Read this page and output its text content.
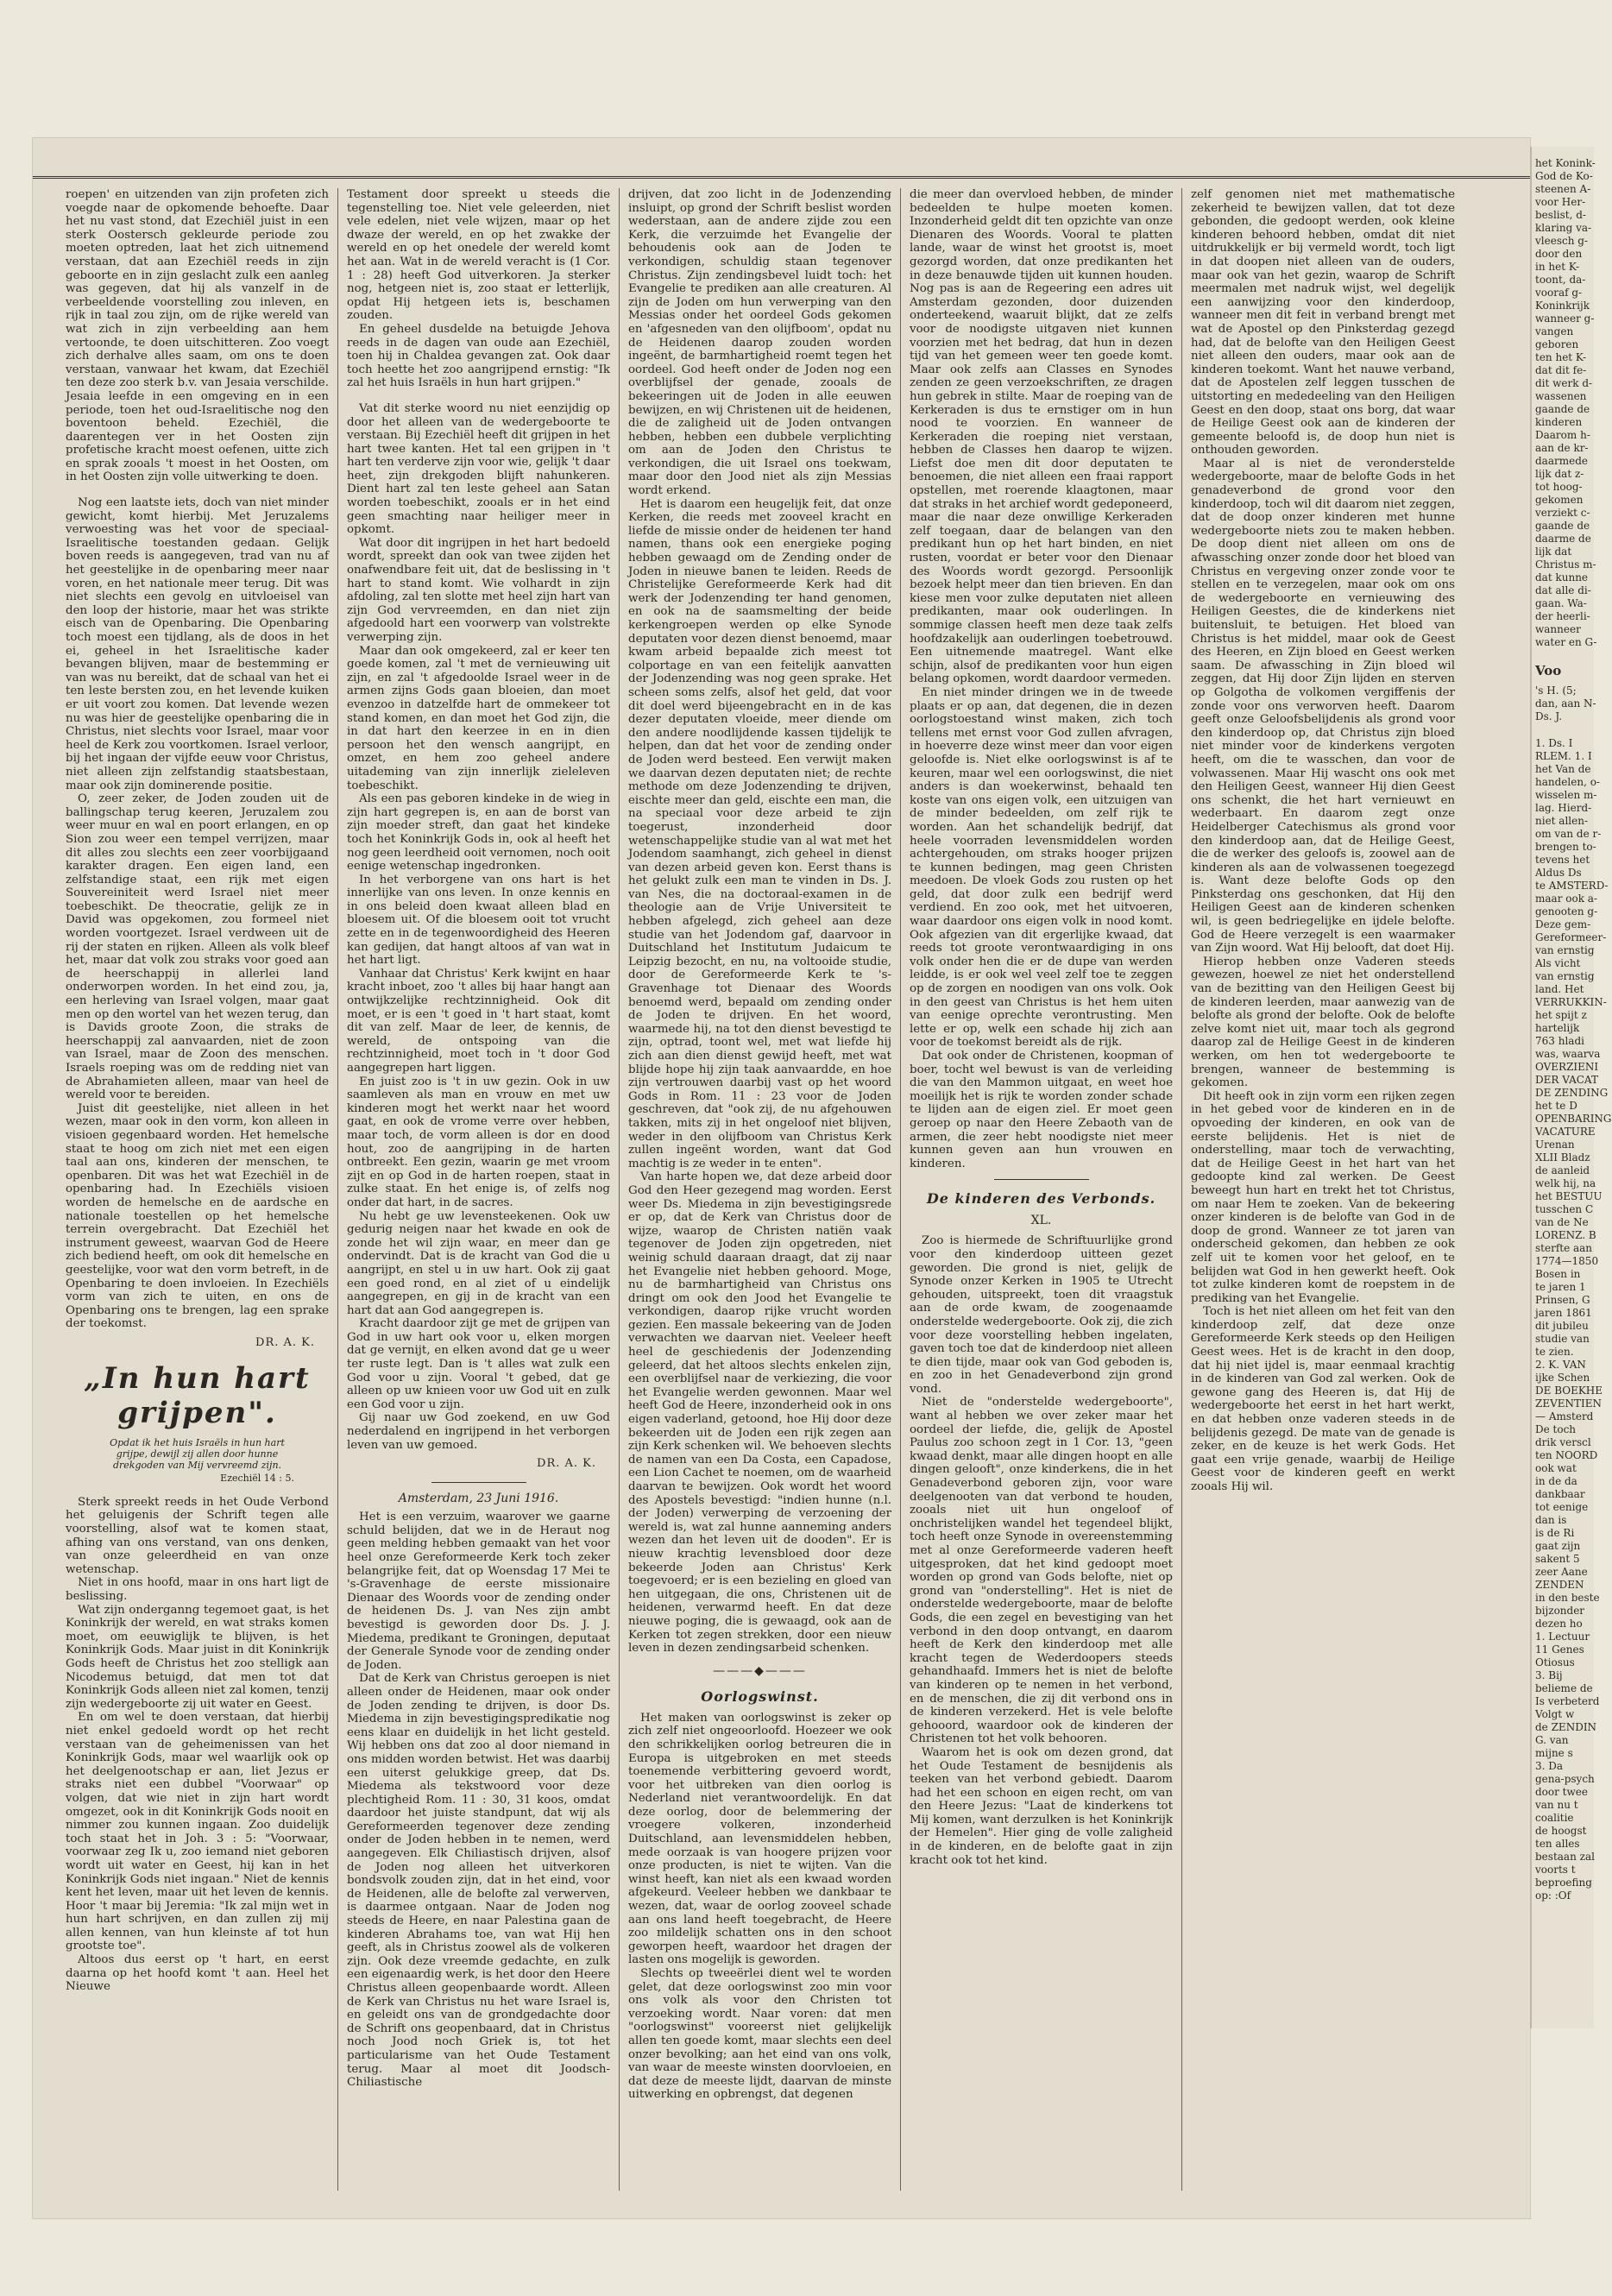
roepen' en uitzenden van zijn profeten zich voegde naar de opkomende behoefte. Daar het nu vast stond, dat Ezechiël juist in een sterk Oostersch gekleurde periode zou moeten optreden, laat het zich uitnemend verstaan, dat aan Ezechiël reeds in zijn geboorte en in zijn geslacht zulk een aanleg was gegeven, dat hij als vanzelf in de verbeeldende voorstelling zou inleven, en rijk in taal zou zijn, om de rijke wereld van wat zich in zijn verbeelding aan hem vertoonde, te doen uitschitteren. Zoo voegt zich derhalve alles saam, om ons te doen verstaan, vanwaar het kwam, dat Ezechiël ten deze zoo sterk b.v. van Jesaia verschilde. Jesaia leefde in een omgeving en in een periode, toen het oud-Israelitische nog den boventoon beheld. Ezechiël, die daarentegen ver in het Oosten zijn profetische kracht moest oefenen, uitte zich en sprak zooals 't moest in het Oosten, om in het Oosten zijn volle uitwerking te doen.

Nog een laatste iets, doch van niet minder gewicht, komt hierbij. Met Jeruzalems verwoesting was het voor de speciaal-Israelitische toestanden gedaan. Gelijk boven reeds is aangegeven, trad van nu af het geestelijke in de openbaring meer naar voren, en het nationale meer terug. Dit was niet slechts een gevolg en uitvloeisel van den loop der historie, maar het was strikte eisch van de Openbaring. Die Openbaring toch moest een tijdlang, als de doos in het ei, geheel in het Israelitische kader bevangen blijven, maar de bestemming er van was nu bereikt, dat de schaal van het ei ten leste bersten zou, en het levende kuiken er uit voort zou komen. Dat levende wezen nu was hier de geestelijke openbaring die in Christus, niet slechts voor Israel, maar voor heel de Kerk zou voortkomen. Israel verloor, bij het ingaan der vijfde eeuw voor Christus, niet alleen zijn zelfstandig staatsbestaan, maar ook zijn dominerende positie.

O, zeer zeker, de Joden zouden uit de ballingschap terug keeren, Jeruzalem zou weer muur en wal en poort erlangen, en op Sion zou weer een tempel verrijzen, maar dit alles zou slechts een zeer voorbijgaand karakter dragen. Een eigen land, een zelfstandige staat, een rijk met eigen Souvereiniteit werd Israel niet meer toebeschikt. De theocratie, gelijk ze in David was opgekomen, zou formeel niet worden voortgezet. Israel verdween uit de rij der staten en rijken. Alleen als volk bleef het, maar dat volk zou straks voor goed aan de heerschappij in allerlei land onderworpen worden. In het eind zou, ja, een herleving van Israel volgen, maar gaat men op den wortel van het wezen terug, dan is Davids groote Zoon, die straks de heerschappij zal aanvaarden, niet de zoon van Israel, maar de Zoon des menschen. Israels roeping was om de redding niet van de Abrahamieten alleen, maar van heel de wereld voor te bereiden.

Juist dit geestelijke, niet alleen in het wezen, maar ook in den vorm, kon alleen in visioen gegenbaard worden. Het hemelsche staat te hoog om zich niet met een eigen taal aan ons, kinderen der menschen, te openbaren. Dit was het wat Ezechiël in de openbaring had. In Ezechiëls visioen worden de hemelsche en de aardsche en nationale toestellen op het hemelsche terrein overgebracht. Dat Ezechiël het instrument geweest, waarvan God de Heere zich bediend heeft, om ook dit hemelsche en geestelijke, voor wat den vorm betreft, in de Openbaring te doen invloeien. In Ezechiëls vorm van zich te uiten, en ons de Openbaring ons te brengen, lag een sprake der toekomst.

DR. A. K.
„In hun hart grijpen".
Opdat ik het huis Israëls in hun hart grijpe, dewijl zij allen door hunne drekgoden van Mij vervreemd zijn.
Ezechiël 14 : 5.

Sterk spreekt reeds in het Oude Verbond het geluigenis der Schrift tegen alle voorstelling, alsof wat te komen staat, afhing van ons verstand, van ons denken, van onze geleerdheid en van onze wetenschap.

Niet in ons hoofd, maar in ons hart ligt de beslissing.

Wat zijn onderganng tegemoet gaat, is het Koninkrijk der wereld, en wat straks komen moet, om eeuwiglijk te blijven, is het Koninkrijk Gods. Maar juist in dit Koninkrijk Gods heeft de Christus het zoo stelligk aan Nicodemus betuigd, dat men tot dat Koninkrijk Gods alleen niet zal komen, tenzij zijn wedergeboorte zij uit water en Geest.

En om wel te doen verstaan, dat hierbij niet enkel gedoeld wordt op het recht verstaan van de geheimenissen van het Koninkrijk Gods, maar wel waarlijk ook op het deelgenootschap er aan, liet Jezus er straks niet een dubbel "Voorwaar" op volgen, dat wie niet in zijn hart wordt omgezet, ook in dit Koninkrijk Gods nooit en nimmer zou kunnen ingaan. Zoo duidelijk toch staat het in Joh. 3 : 5: "Voorwaar, voorwaar zeg Ik u, zoo iemand niet geboren wordt uit water en Geest, hij kan in het Koninkrijk Gods niet ingaan." Niet de kennis kent het leven, maar uit het leven de kennis. Hoor 't maar bij Jeremia: "Ik zal mijn wet in hun hart schrijven, en dan zullen zij mij allen kennen, van hun kleinste af tot hun grootste toe".

Altoos dus eerst op 't hart, en eerst daarna op het hoofd komt 't aan. Heel het Nieuwe

Testament door spreekt u steeds die tegenstelling toe. Niet vele geleerden, niet vele edelen, niet vele wijzen, maar op het dwaze der wereld, en op het zwakke der wereld en op het onedele der wereld komt het aan. Wat in de wereld veracht is (1 Cor. 1 : 28) heeft God uitverkoren. Ja sterker nog, hetgeen niet is, zoo staat er letterlijk, opdat Hij hetgeen iets is, beschamen zouden.

En geheel dusdelde na betuigde Jehova reeds in de dagen van oude aan Ezechiël, toen hij in Chaldea gevangen zat. Ook daar toch heette het zoo aangrijpend ernstig: "Ik zal het huis Israëls in hun hart grijpen."

Vat dit sterke woord nu niet eenzijdig op door het alleen van de wedergeboorte te verstaan. Bij Ezechiël heeft dit grijpen in het hart twee kanten. Het tal een grijpen in 't hart ten verderve zijn voor wie, gelijk 't daar heet, zijn drekgoden blijft nahunkeren. Dient hart zal ten leste geheel aan Satan worden toebeschikt, zooals er in het eind geen smachting naar heiliger meer in opkomt.

Wat door dit ingrijpen in het hart bedoeld wordt, spreekt dan ook van twee zijden het onafwendbare feit uit, dat de beslissing in 't hart to stand komt. Wie volhardt in zijn afdoling, zal ten slotte met heel zijn hart van zijn God vervreemden, en dan niet zijn afgedoold hart een voorwerp van volstrekte verwerping zijn.

Maar dan ook omgekeerd, zal er keer ten goede komen, zal 't met de vernieuwing uit zijn, en zal 't afgedoolde Israel weer in de armen zijns Gods gaan bloeien, dan moet evenzoo in datzelfde hart de ommekeer tot stand komen, en dan moet het God zijn, die in dat hart den keerzee in en in dien persoon het den wensch aangrijpt, en omzet, en hem zoo geheel andere uitademing van zijn innerlijk zieleleven toebeschikt.

Als een pas geboren kindeke in de wieg in zijn hart gegrepen is, en aan de borst van zijn moeder streft, dan gaat het kindeke toch het Koninkrijk Gods in, ook al heeft het nog geen leerdheid ooit vernomen, noch ooit eenige wetenschap ingedronken.

In het verborgene van ons hart is het innerlijke van ons leven. In onze kennis en in ons beleid doen kwaat alleen blad en bloesem uit. Of die bloesem ooit tot vrucht zette en in de tegenwoordigheid des Heeren kan gedijen, dat hangt altoos af van wat in het hart ligt.

Vanhaar dat Christus' Kerk kwijnt en haar kracht inboet, zoo 't alles bij haar hangt aan ontwijkzelijke rechtzinnigheid. Ook dit moet, er is een 't goed in 't hart staat, komt dit van zelf. Maar de leer, de kennis, de wereld, de ontspoing van die rechtzinnigheid, moet toch in 't door God aangegrepen hart liggen.

En juist zoo is 't in uw gezin. Ook in uw saamleven als man en vrouw en met uw kinderen mogt het werkt naar het woord gaat, en ook de vrome verre over hebben, maar toch, de vorm alleen is dor en dood hout, zoo de aangrijping in de harten ontbreekt. Een gezin, waarin ge met vroom zijt en op God in de harten roepen, staat in zulke staat. En het enige is, of zelfs nog onder dat hart, in de sacres.

Nu hebt ge uw levensteekenen. Ook uw gedurig neigen naar het kwade en ook de zonde het wil zijn waar, en meer dan ge ondervindt. Dat is de kracht van God die u aangrijpt, en stel u in uw hart. Ook zij gaat een goed rond, en al ziet of u eindelijk aangegrepen, en gij in de kracht van een hart dat aan God aangegrepen is.

Kracht daardoor zijt ge met de grijpen van God in uw hart ook voor u, elken morgen dat ge vernijt, en elken avond dat ge u weer ter ruste legt. Dan is 't alles wat zulk een God voor u zijn. Vooral 't gebed, dat ge alleen op uw knieen voor uw God uit en zulk een God voor u zijn.

Gij naar uw God zoekend, en uw God nederdalend en ingrijpend in het verborgen leven van uw gemoed.

DR. A. K.
Amsterdam, 23 Juni 1916.

Het is een verzuim, waarover we gaarne schuld belijden, dat we in de Heraut nog geen melding hebben gemaakt van het voor heel onze Gereformeerde Kerk toch zeker belangrijke feit, dat op Woensdag 17 Mei te 's-Gravenhage de eerste missionaire Dienaar des Woords voor de zending onder de heidenen Ds. J. van Nes zijn ambt bevestigd is geworden door Ds. J. J. Miedema, predikant te Groningen, deputaat der Generale Synode voor de zending onder de Joden.

Dat de Kerk van Christus geroepen is niet alleen onder de Heidenen, maar ook onder de Joden zending te drijven, is door Ds. Miedema in zijn bevestigingspredikatie nog eens klaar en duidelijk in het licht gesteld. Wij hebben ons dat zoo al door niemand in ons midden worden betwist. Het was daarbij een uiterst gelukkige greep, dat Ds. Miedema als tekstwoord voor deze plechtigheid Rom. 11 : 30, 31 koos, omdat daardoor het juiste standpunt, dat wij als Gereformeerden tegenover deze zending onder de Joden hebben in te nemen, werd aangegeven. Elk Chiliastisch drijven, alsof de Joden nog alleen het uitverkoren bondsvolk zouden zijn, dat in het eind, voor de Heidenen, alle de belofte zal verwerven, is daarmee ontgaan. Naar de Joden nog steeds de Heere, en naar Palestina gaan de kinderen Abrahams toe, van wat Hij hen geeft, als in Christus zoowel als de volkeren zijn. Ook deze vreemde gedachte, en zulk een eigenaardig werk, is het door den Heere Christus alleen geopenbaarde wordt. Alleen de Kerk van Christus nu het ware Israel is, en geleidt ons van de grondgedachte door de Schrift ons geopenbaard, dat in Christus noch Jood noch Griek is, tot het particularisme van het Oude Testament terug. Maar al moet dit Joodsch-Chiliastische

drijven, dat zoo licht in de Jodenzending insluipt, op grond der Schrift beslist worden wederstaan, aan de andere zijde zou een Kerk, die verzuimde het Evangelie der behoudenis ook aan de Joden te verkondigen, schuldig staan tegenover Christus. Zijn zendingsbevel luidt toch: het Evangelie te prediken aan alle creaturen. Al zijn de Joden om hun verwerping van den Messias onder het oordeel Gods gekomen en 'afgesneden van den olijfboom', opdat nu de Heidenen daarop zouden worden ingeënt, de barmhartigheid roemt tegen het oordeel. God heeft onder de Joden nog een overblijfsel der genade, zooals de bekeeringen uit de Joden in alle eeuwen bewijzen, en wij Christenen uit de heidenen, die de zaligheid uit de Joden ontvangen hebben, hebben een dubbele verplichting om aan de Joden den Christus te verkondigen, die uit Israel ons toekwam, maar door den Jood niet als zijn Messias wordt erkend.

Het is daarom een heugelijk feit, dat onze Kerken, die reeds met zooveel kracht en liefde de missie onder de heidenen ter hand namen, thans ook een energieke poging hebben gewaagd om de Zending onder de Joden in nieuwe banen te leiden. Reeds de Christelijke Gereformeerde Kerk had dit werk der Jodenzending ter hand genomen, en ook na de saamsmelting der beide kerkengroepen werden op elke Synode deputaten voor dezen dienst benoemd, maar kwam arbeid bepaalde zich meest tot colportage en van een feitelijk aanvatten der Jodenzending was nog geen sprake. Het scheen soms zelfs, alsof het geld, dat voor dit doel werd bijeengebracht en in de kas dezer deputaten vloeide, meer diende om den andere noodlijdende kassen tijdelijk te helpen, dan dat het voor de zending onder de Joden werd besteed. Een verwijt maken we daarvan dezen deputaten niet; de rechte methode om deze Jodenzending te drijven, eischte meer dan geld, eischte een man, die na speciaal voor deze arbeid te zijn toegerust, inzonderheid door wetenschappelijke studie van al wat met het Jodendom saamhangt, zich geheel in dienst van dezen arbeid geven kon. Eerst thans is het gelukt zulk een man te vinden in Ds. J. van Nes, die na doctoraal-examen in de theologie aan de Vrije Universiteit te hebben afgelegd, zich geheel aan deze studie van het Jodendom gaf, daarvoor in Duitschland het Institutum Judaicum te Leipzig bezocht, en nu, na voltooide studie, door de Gereformeerde Kerk te 's-Gravenhage tot Dienaar des Woords benoemd werd, bepaald om zending onder de Joden te drijven. En het woord, waarmede hij, na tot den dienst bevestigd te zijn, optrad, toont wel, met wat liefde hij zich aan dien dienst gewijd heeft, met wat blijde hope hij zijn taak aanvaardde, en hoe zijn vertrouwen daarbij vast op het woord Gods in Rom. 11 : 23 voor de Joden geschreven, dat "ook zij, de nu afgehouwen takken, mits zij in het ongeloof niet blijven, weder in den olijfboom van Christus Kerk zullen ingeënt worden, want dat God machtig is ze weder in te enten".

Van harte hopen we, dat deze arbeid door God den Heer gezegend mag worden. Eerst weer Ds. Miedema in zijn bevestigingsrede er op, dat de Kerk van Christus door de wijze, waarop de Christen natiën vaak tegenover de Joden zijn opgetreden, niet weinig schuld daaraan draagt, dat zij naar het Evangelie niet hebben gehoord. Moge, nu de barmhartigheid van Christus ons dringt om ook den Jood het Evangelie te verkondigen, daarop rijke vrucht worden gezien. Een massale bekeering van de Joden verwachten we daarvan niet. Veeleer heeft heel de geschiedenis der Jodenzending geleerd, dat het altoos slechts enkelen zijn, een overblijfsel naar de verkiezing, die voor het Evangelie werden gewonnen. Maar wel heeft God de Heere, inzonderheid ook in ons eigen vaderland, getoond, hoe Hij door deze bekeerden uit de Joden een rijk zegen aan zijn Kerk schenken wil. We behoeven slechts de namen van een Da Costa, een Capadose, een Lion Cachet te noemen, om de waarheid daarvan te bewijzen. Ook wordt het woord des Apostels bevestigd: "indien hunne (n.l. der Joden) verwerping de verzoening der wereld is, wat zal hunne aanneming anders wezen dan het leven uit de dooden". Er is nieuw krachtig levensbloed door deze bekeerde Joden aan Christus' Kerk toegevoerd; er is een bezieling en gloed van hen uitgegaan, die ons, Christenen uit de heidenen, verwarmd heeft. En dat deze nieuwe poging, die is gewaagd, ook aan de Kerken tot zegen strekken, door een nieuw leven in dezen zendingsarbeid schenken.

———◆———
Oorlogswinst.

Het maken van oorlogswinst is zeker op zich zelf niet ongeoorloofd. Hoezeer we ook den schrikkelijken oorlog betreuren die in Europa is uitgebroken en met steeds toenemende verbittering gevoerd wordt, voor het uitbreken van dien oorlog is Nederland niet verantwoordelijk. En dat deze oorlog, door de belemmering der vroegere volkeren, inzonderheid Duitschland, aan levensmiddelen hebben, mede oorzaak is van hoogere prijzen voor onze producten, is niet te wijten. Van die winst heeft, kan niet als een kwaad worden afgekeurd. Veeleer hebben we dankbaar te wezen, dat, waar de oorlog zooveel schade aan ons land heeft toegebracht, de Heere zoo mildelijk schatten ons in den schoot geworpen heeft, waardoor het dragen der lasten ons mogelijk is geworden.

Slechts op tweeërlei dient wel te worden gelet, dat deze oorlogswinst zoo min voor ons volk als voor den Christen tot verzoeking wordt. Naar voren: dat men "oorlogswinst" vooreerst niet gelijkelijk allen ten goede komt, maar slechts een deel onzer bevolking; aan het eind van ons volk, van waar de meeste winsten doorvloeien, en dat deze de meeste lijdt, daarvan de minste uitwerking en opbrengst, dat degenen

die meer dan overvloed hebben, de minder bedeelden te hulpe moeten komen. Inzonderheid geldt dit ten opzichte van onze Dienaren des Woords. Vooral te platten lande, waar de winst het grootst is, moet gezorgd worden, dat onze predikanten het in deze benauwde tijden uit kunnen houden. Nog pas is aan de Regeering een adres uit Amsterdam gezonden, door duizenden onderteekend, waaruit blijkt, dat ze zelfs voor de noodigste uitgaven niet kunnen voorzien met het bedrag, dat hun in dezen tijd van het gemeen weer ten goede komt. Maar ook zelfs aan Classes en Synodes zenden ze geen verzoekschriften, ze dragen hun gebrek in stilte. Maar de roeping van de Kerkeraden is dus te ernstiger om in hun nood te voorzien. En wanneer de Kerkeraden die roeping niet verstaan, hebben de Classes hen daarop te wijzen. Liefst doe men dit door deputaten te benoemen, die niet alleen een fraai rapport opstellen, met roerende klaagtonen, maar dat straks in het archief wordt gedeponeerd, maar die naar deze onwillige Kerkeraden zelf toegaan, daar de belangen van den predikant hun op het hart binden, en niet rusten, voordat er beter voor den Dienaar des Woords wordt gezorgd. Persoonlijk bezoek helpt meer dan tien brieven. En dan kiese men voor zulke deputaten niet alleen predikanten, maar ook ouderlingen. In sommige classen heeft men deze taak zelfs hoofdzakelijk aan ouderlingen toebetrouwd. Een uitnemende maatregel. Want elke schijn, alsof de predikanten voor hun eigen belang opkomen, wordt daardoor vermeden.

En niet minder dringen we in de tweede plaats er op aan, dat degenen, die in dezen oorlogstoestand winst maken, zich toch tellens met ernst voor God zullen afvragen, in hoeverre deze winst meer dan voor eigen geloofde is. Niet elke oorlogswinst is af te keuren, maar wel een oorlogswinst, die niet anders is dan woekerwinst, behaald ten koste van ons eigen volk, een uitzuigen van de minder bedeelden, om zelf rijk te worden. Aan het schandelijk bedrijf, dat heele voorraden levensmiddelen worden achtergehouden, om straks hooger prijzen te kunnen bedingen, mag geen Christen meedoen. De vloek Gods zou rusten op het geld, dat door zulk een bedrijf werd verdiend. En zoo ook, met het uitvoeren, waar daardoor ons eigen volk in nood komt. Ook afgezien van dit ergerlijke kwaad, dat reeds tot groote verontwaardiging in ons volk onder hen die er de dupe van werden leidde, is er ook wel veel zelf toe te zeggen op de zorgen en noodigen van ons volk. Ook in den geest van Christus is het hem uiten van eenige oprechte verontrusting. Men lette er op, welk een schade hij zich aan voor de toekomst bereidt als de rijk.

Dat ook onder de Christenen, koopman of boer, tocht wel bewust is van de verleiding die van den Mammon uitgaat, en weet hoe moeilijk het is rijk te worden zonder schade te lijden aan de eigen ziel. Er moet geen geroep op naar den Heere Zebaoth van de armen, die zeer hebt noodigste niet meer kunnen geven aan hun vrouwen en kinderen.

De kinderen des Verbonds.
XL.

Zoo is hiermede de Schriftuurlijke grond voor den kinderdoop uitteen gezet geworden. Die grond is niet, gelijk de Synode onzer Kerken in 1905 te Utrecht gehouden, uitspreekt, toen dit vraagstuk aan de orde kwam, de zoogenaamde onderstelde wedergeboorte. Ook zij, die zich voor deze voorstelling hebben ingelaten, gaven toch toe dat de kinderdoop niet alleen te dien tijde, maar ook van God geboden is, en zoo in het Genadeverbond zijn grond vond.

Niet de "onderstelde wedergeboorte", want al hebben we over zeker maar het oordeel der liefde, die, gelijk de Apostel Paulus zoo schoon zegt in 1 Cor. 13, "geen kwaad denkt, maar alle dingen hoopt en alle dingen gelooft", onze kinderkens, die in het Genadeverbond geboren zijn, voor ware deelgenooten van dat verbond te houden, zooals niet uit hun ongeloof of onchristelijken wandel het tegendeel blijkt, toch heeft onze Synode in overeenstemming met al onze Gereformeerde vaderen heeft uitgesproken, dat het kind gedoopt moet worden op grond van Gods belofte, niet op grond van "onderstelling". Het is niet de onderstelde wedergeboorte, maar de belofte Gods, die een zegel en bevestiging van het verbond in den doop ontvangt, en daarom heeft de Kerk den kinderdoop met alle kracht tegen de Wederdoopers steeds gehandhaafd. Immers het is niet de belofte van kinderen op te nemen in het verbond, en de menschen, die zij dit verbond ons in de kinderen verzekerd. Het is vele belofte gehooord, waardoor ook de kinderen der Christenen tot het volk behooren.

Waarom het is ook om dezen grond, dat het Oude Testament de besnijdenis als teeken van het verbond gebiedt. Daarom had het een schoon en eigen recht, om van den Heere Jezus: "Laat de kinderkens tot Mij komen, want derzulken is het Koninkrijk der Hemelen". Hier ging de volle zaligheid in de kinderen, en de belofte gaat in zijn kracht ook tot het kind.

zelf genomen niet met mathematische zekerheid te bewijzen vallen, dat tot deze gebonden, die gedoopt werden, ook kleine kinderen behoord hebben, omdat dit niet uitdrukkelijk er bij vermeld wordt, toch ligt in dat doopen niet alleen van de ouders, maar ook van het gezin, waarop de Schrift meermalen met nadruk wijst, wel degelijk een aanwijzing voor den kinderdoop, wanneer men dit feit in verband brengt met wat de Apostel op den Pinksterdag gezegd had, dat de belofte van den Heiligen Geest niet alleen den ouders, maar ook aan de kinderen toekomt. Want het nauwe verband, dat de Apostelen zelf leggen tusschen de uitstorting en mededeeling van den Heiligen Geest en den doop, staat ons borg, dat waar de Heilige Geest ook aan de kinderen der gemeente beloofd is, de doop hun niet is onthouden geworden.

Maar al is niet de veronderstelde wedergeboorte, maar de belofte Gods in het genadeverbond de grond voor den kinderdoop, toch wil dit daarom niet zeggen, dat de doop onzer kinderen met hunne wedergeboorte niets zou te maken hebben. De doop dient niet alleen om ons de afwassching onzer zonde door het bloed van Christus en vergeving onzer zonde voor te stellen en te verzegelen, maar ook om ons de wedergeboorte en vernieuwing des Heiligen Geestes, die de kinderkens niet buitensluit, te betuigen. Het bloed van Christus is het middel, maar ook de Geest des Heeren, en Zijn bloed en Geest werken saam. De afwassching in Zijn bloed wil zeggen, dat Hij door Zijn lijden en sterven op Golgotha de volkomen vergiffenis der zonde voor ons verworven heeft. Daarom geeft onze Geloofsbelijdenis als grond voor den kinderdoop op, dat Christus zijn bloed niet minder voor de kinderkens vergoten heeft, om die te wasschen, dan voor de volwassenen. Maar Hij wascht ons ook met den Heiligen Geest, wanneer Hij dien Geest ons schenkt, die het hart vernieuwt en wederbaart. En daarom zegt onze Heidelberger Catechismus als grond voor den kinderdoop aan, dat de Heilige Geest, die de werker des geloofs is, zoowel aan de kinderen als aan de volwassenen toegezegd is. Want deze belofte Gods op den Pinksterdag ons geschonken, dat Hij den Heiligen Geest aan de kinderen schenken wil, is geen bedriegelijke en ijdele belofte. God de Heere verzegelt is een waarmaker van Zijn woord. Wat Hij belooft, dat doet Hij.

Hierop hebben onze Vaderen steeds gewezen, hoewel ze niet het onderstellend van de bezitting van den Heiligen Geest bij de kinderen leerden, maar aanwezig van de belofte als grond der belofte. Ook de belofte zelve komt niet uit, maar toch als gegrond daarop zal de Heilige Geest in de kinderen werken, om hen tot wedergeboorte te brengen, wanneer de bestemming is gekomen.

Dit heeft ook in zijn vorm een rijken zegen in het gebed voor de kinderen en in de opvoeding der kinderen, en ook van de eerste belijdenis. Het is niet de onderstelling, maar toch de verwachting, dat de Heilige Geest in het hart van het gedoopte kind zal werken. De Geest beweegt hun hart en trekt het tot Christus, om naar Hem te zoeken. Van de bekeering onzer kinderen is de belofte van God in de doop de grond. Wanneer ze tot jaren van onderscheid gekomen, dan hebben ze ook zelf uit te komen voor het geloof, en te belijden wat God in hen gewerkt heeft. Ook tot zulke kinderen komt de roepstem in de prediking van het Evangelie.

Toch is het niet alleen om het feit van den kinderdoop zelf, dat deze onze Gereformeerde Kerk steeds op den Heiligen Geest wees. Het is de kracht in den doop, dat hij niet ijdel is, maar eenmaal krachtig in de kinderen van God zal werken. Ook de gewone gang des Heeren is, dat Hij de wedergeboorte het eerst in het hart werkt, en dat hebben onze vaderen steeds in de belijdenis gezegd. De mate van de genade is zeker, en de keuze is het werk Gods. Het gaat een vrije genade, waarbij de Heilige Geest voor de kinderen geeft en werkt zooals Hij wil.

het Konink-
God de Ko-
steenen A-
voor Her-
beslist, d-
klaring va-
vleesch g-
door den
in het K-
toont, da-
vooraf g-
Koninkrijk
wanneer g-
vangen
geboren
ten het K-
dat dit fe-
dit werk d-
wassenen
gaande de
kinderen
Daarom h-
aan de kr-
daarmede
lijk dat z-
tot hoog-
gekomen
verziekt c-
gaande de
daarme de
lijk dat
Christus m-
dat kunne
dat alle di-
gaan. Wa-
der heerli-
wanneer
water en G-
Voo
's H. (5;
dan, aan N-
Ds. J.
1. Ds. I
RLEM. 1. I
het Van de
handelen, o-
wisselen m-
lag. Hierd-
niet allen-
om van de r-
brengen to-
tevens het
Aldus Ds
te AMSTERD-
maar ook a-
genooten g-
Deze gem-
Gereformeer-
van ernstig
Als vicht
van ernstig
land. Het
VERRUKKIN-
het spijt z
hartelijk
763 hladi
was, waarva
OVERZIENI
DER VACAT
DE ZENDING
het te D
OPENBARING
VACATURE
Urenan
XLII Bladz
de aanleid
welk hij, na
het BESTUU
tusschen C
van de Ne
LORENZ. B
sterfte aan
1774—1850
Bosen in
te jaren 1
Prinsen, G
jaren 1861
dit jubileu
studie van
te zien.
2. K. VAN
ijke Schen
DE BOEKHE
ZEVENTIEN
— Amsterd
De toch
drik verscl
ten NOORD
ook wat
in de da
dankbaar
tot eenige
dan is
is de Ri
gaat zijn
sakent 5
zeer Aane
ZENDEN
in den beste
bijzonder
dezen ho
1. Lectuur
11 Genes
Otiosus
3. Bij
belieme de
Is verbeterd
Volgt w
de ZENDIN
G. van
mijne s
3. Da
gena-psych
door twee
van nu t
coalitie
de hoogst
ten alles
bestaan zal
voorts t
beproefing
op: :Of
